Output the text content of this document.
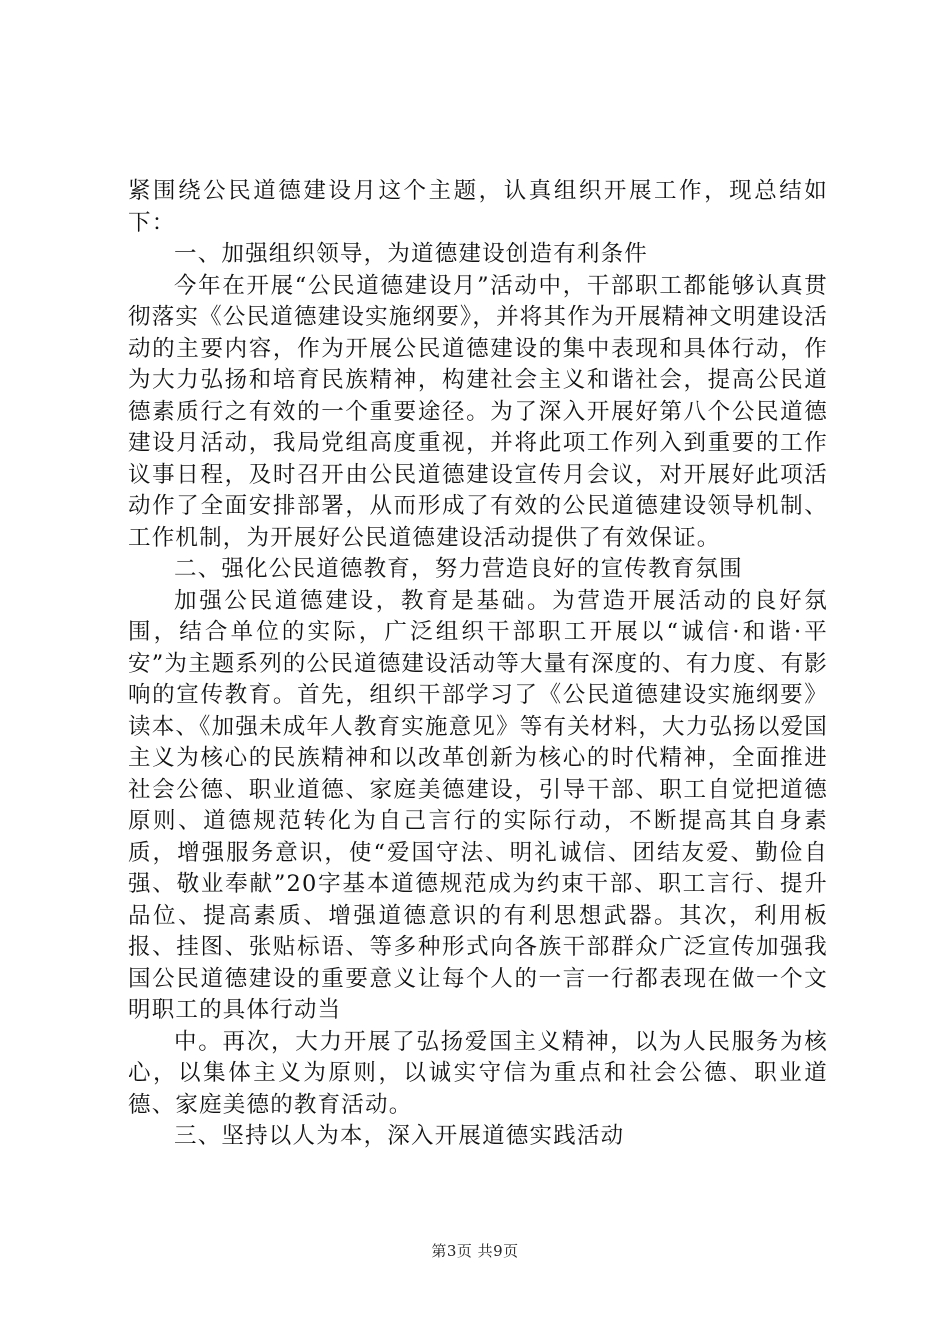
紧围绕公民道德建设月这个主题，认真组织开展工作，现总结如下：

一、加强组织领导，为道德建设创造有利条件

今年在开展“公民道德建设月”活动中，干部职工都能够认真贯彻落实《公民道德建设实施纲要》，并将其作为开展精神文明建设活动的主要内容，作为开展公民道德建设的集中表现和具体行动，作为大力弘扬和培育民族精神，构建社会主义和谐社会，提高公民道德素质行之有效的一个重要途径。为了深入开展好第八个公民道德建设月活动，我局党组高度重视，并将此项工作列入到重要的工作议事日程，及时召开由公民道德建设宣传月会议，对开展好此项活动作了全面安排部署，从而形成了有效的公民道德建设领导机制、工作机制，为开展好公民道德建设活动提供了有效保证。

二、强化公民道德教育，努力营造良好的宣传教育氛围

加强公民道德建设，教育是基础。为营造开展活动的良好氛围，结合单位的实际，广泛组织干部职工开展以“诚信·和谐·平安”为主题系列的公民道德建设活动等大量有深度的、有力度、有影响的宣传教育。首先，组织干部学习了《公民道德建设实施纲要》读本、《加强未成年人教育实施意见》等有关材料，大力弘扬以爱国主义为核心的民族精神和以改革创新为核心的时代精神，全面推进社会公德、职业道德、家庭美德建设，引导干部、职工自觉把道德原则、道德规范转化为自己言行的实际行动，不断提高其自身素质，增强服务意识，使“爱国守法、明礼诚信、团结友爱、勤俭自强、敬业奉献”20字基本道德规范成为约束干部、职工言行、提升品位、提高素质、增强道德意识的有利思想武器。其次，利用板报、挂图、张贴标语、等多种形式向各族干部群众广泛宣传加强我国公民道德建设的重要意义让每个人的一言一行都表现在做一个文明职工的具体行动当

中。再次，大力开展了弘扬爱国主义精神，以为人民服务为核心，以集体主义为原则，以诚实守信为重点和社会公德、职业道德、家庭美德的教育活动。

三、坚持以人为本，深入开展道德实践活动

第3页 共9页
